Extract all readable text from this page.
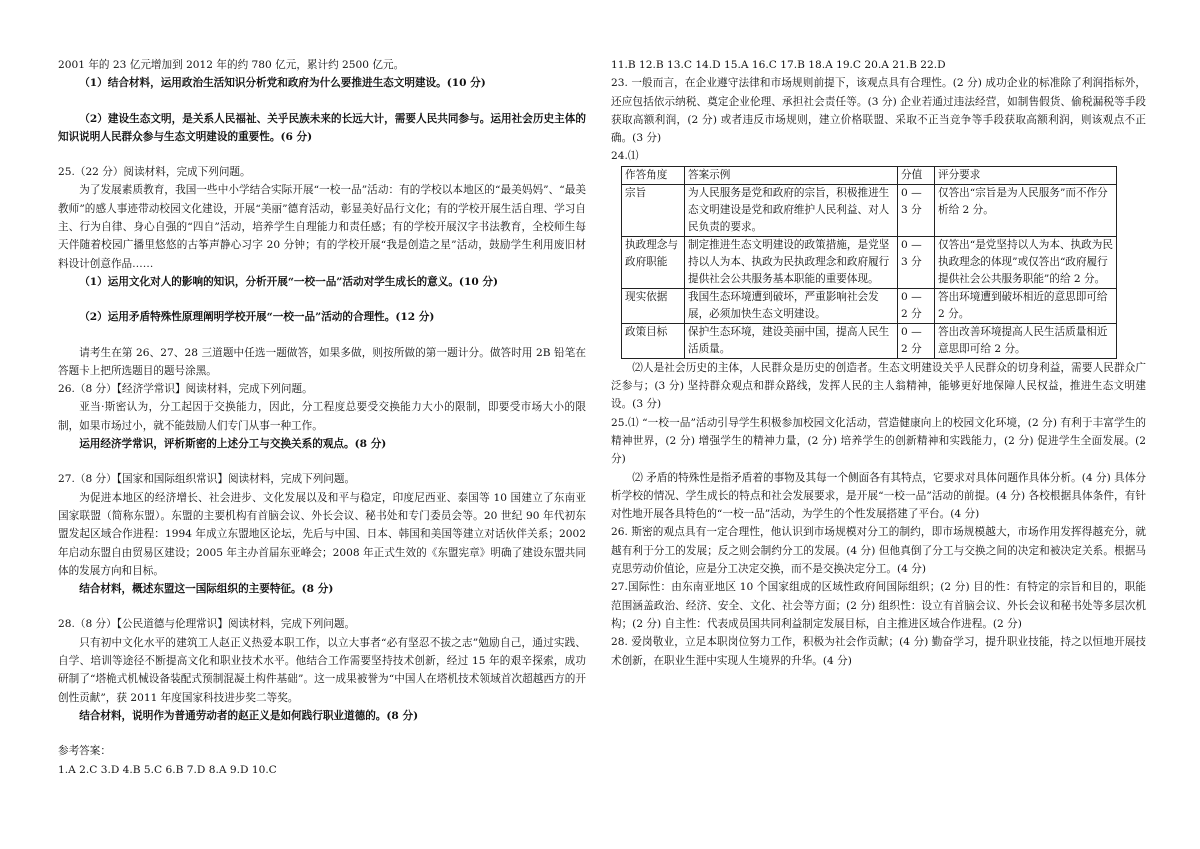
2001 年的 23 亿元增加到 2012 年的约 780 亿元，累计约 2500 亿元。

（1）结合材料，运用政治生活知识分析党和政府为什么要推进生态文明建设。(10 分)

（2）建设生态文明，是关系人民福祉、关乎民族未来的长远大计，需要人民共同参与。运用社会历史主体的知识说明人民群众参与生态文明建设的重要性。(6 分)

25.（22 分）阅读材料，完成下列问题。

为了发展素质教育，我国一些中小学结合实际开展“一校一品”活动：有的学校以本地区的“最美妈妈”、“最美教师”的感人事迹带动校园文化建设，开展“美丽”德育活动，彰显美好品行文化；有的学校开展生活自理、学习自主、行为自律、身心自强的“四自”活动，培养学生自理能力和责任感；有的学校开展汉字书法教育，全校师生每天伴随着校园广播里悠悠的古筝声静心习字 20 分钟；有的学校开展“我是创造之星”活动，鼓励学生利用废旧材料设计创意作品……

（1）运用文化对人的影响的知识，分析开展“一校一品”活动对学生成长的意义。(10 分)

（2）运用矛盾特殊性原理阐明学校开展“一校一品”活动的合理性。(12 分)

请考生在第 26、27、28 三道题中任选一题做答，如果多做，则按所做的第一题计分。做答时用 2B 铅笔在答题卡上把所选题目的题号涂黑。

26.（8 分）【经济学常识】阅读材料，完成下列问题。

亚当·斯密认为，分工起因于交换能力，因此，分工程度总要受交换能力大小的限制，即要受市场大小的限制，如果市场过小，就不能鼓励人们专门从事一种工作。

运用经济学常识，评析斯密的上述分工与交换关系的观点。(8 分)

27.（8 分）【国家和国际组织常识】阅读材料，完成下列问题。

为促进本地区的经济增长、社会进步、文化发展以及和平与稳定，印度尼西亚、泰国等 10 国建立了东南亚国家联盟（简称东盟）。东盟的主要机构有首脑会议、外长会议、秘书处和专门委员会等。20 世纪 90 年代初东盟发起区域合作进程：1994 年成立东盟地区论坛，先后与中国、日本、韩国和美国等建立对话伙伴关系；2002 年启动东盟自由贸易区建设；2005 年主办首届东亚峰会；2008 年正式生效的《东盟宪章》明确了建设东盟共同体的发展方向和目标。

结合材料，概述东盟这一国际组织的主要特征。(8 分)

28.（8 分）【公民道德与伦理常识】阅读材料，完成下列问题。

只有初中文化水平的建筑工人赵正义热爱本职工作，以立大事者“必有坚忍不拔之志”勉励自己，通过实践、自学、培训等途径不断提高文化和职业技术水平。他结合工作需要坚持技术创新，经过 15 年的艰辛探索，成功研制了“塔桅式机械设备装配式预制混凝土构件基础”。这一成果被誉为“中国人在塔机技术领域首次超越西方的开创性贡献”，获 2011 年度国家科技进步奖二等奖。

结合材料，说明作为普通劳动者的赵正义是如何践行职业道德的。(8 分)

参考答案：

1.A 2.C 3.D 4.B 5.C 6.B 7.D 8.A 9.D 10.C

11.B 12.B 13.C 14.D 15.A 16.C 17.B 18.A 19.C 20.A 21.B 22.D

23. 一般而言，在企业遵守法律和市场规则前提下，该观点具有合理性。(2 分) 成功企业的标准除了利润指标外，还应包括依示纳税、奠定企业伦理、承担社会责任等。(3 分) 企业若通过违法经营，如制售假货、偷税漏税等手段获取高额利润，(2 分) 或者违反市场规则，建立价格联盟、采取不正当竞争等手段获取高额利润，则该观点不正确。(3 分)

24.⑴

作答角度	答案示例	分值	评分要求
宗旨	为人民服务是党和政府的宗旨，积极推进生态文明建设是党和政府维护人民利益、对人民负责的要求。	0 — 3 分	仅答出“宗旨是为人民服务”而不作分析给 2 分。
执政理念与政府职能	制定推进生态文明建设的政策措施，是党坚持以人为本、执政为民执政理念和政府履行提供社会公共服务基本职能的重要体现。	0 — 3 分	仅答出“是党坚持以人为本、执政为民执政理念的体现”或仅答出“政府履行提供社会公共服务职能”的给 2 分。
现实依据	我国生态环境遭到破坏，严重影响社会发展，必须加快生态文明建设。	0 — 2 分	答出环境遭到破坏相近的意思即可给 2 分。
政策目标	保护生态环境，建设美丽中国，提高人民生活质量。	0 — 2 分	答出改善环境提高人民生活质量相近意思即可给 2 分。

⑵人是社会历史的主体，人民群众是历史的创造者。生态文明建设关乎人民群众的切身利益，需要人民群众广泛参与；(3 分) 坚持群众观点和群众路线，发挥人民的主人翁精神，能够更好地保障人民权益，推进生态文明建设。(3 分)

25.⑴ “一校一品”活动引导学生积极参加校园文化活动，营造健康向上的校园文化环境，(2 分) 有利于丰富学生的精神世界，(2 分) 增强学生的精神力量，(2 分) 培养学生的创新精神和实践能力，(2 分) 促进学生全面发展。(2 分)

⑵ 矛盾的特殊性是指矛盾着的事物及其每一个侧面各有其特点，它要求对具体问题作具体分析。(4 分) 具体分析学校的情况、学生成长的特点和社会发展要求，是开展“一校一品”活动的前提。(4 分) 各校根据具体条件，有针对性地开展各具特色的“一校一品”活动，为学生的个性发展搭建了平台。(4 分)

26. 斯密的观点具有一定合理性，他认识到市场规模对分工的制约，即市场规模越大，市场作用发挥得越充分，就越有利于分工的发展；反之则会制约分工的发展。(4 分) 但他真倒了分工与交换之间的决定和被决定关系。根据马克思劳动价值论，应是分工决定交换，而不是交换决定分工。(4 分)

27.国际性：由东南亚地区 10 个国家组成的区域性政府间国际组织；(2 分) 目的性：有特定的宗旨和目的，职能范围涵盖政治、经济、安全、文化、社会等方面；(2 分) 组织性：设立有首脑会议、外长会议和秘书处等多层次机构；(2 分) 自主性：代表成员国共同利益制定发展目标，自主推进区域合作进程。(2 分)

28. 爱岗敬业，立足本职岗位努力工作，积极为社会作贡献；(4 分) 勤奋学习，提升职业技能，持之以恒地开展技术创新，在职业生涯中实现人生境界的升华。(4 分)
